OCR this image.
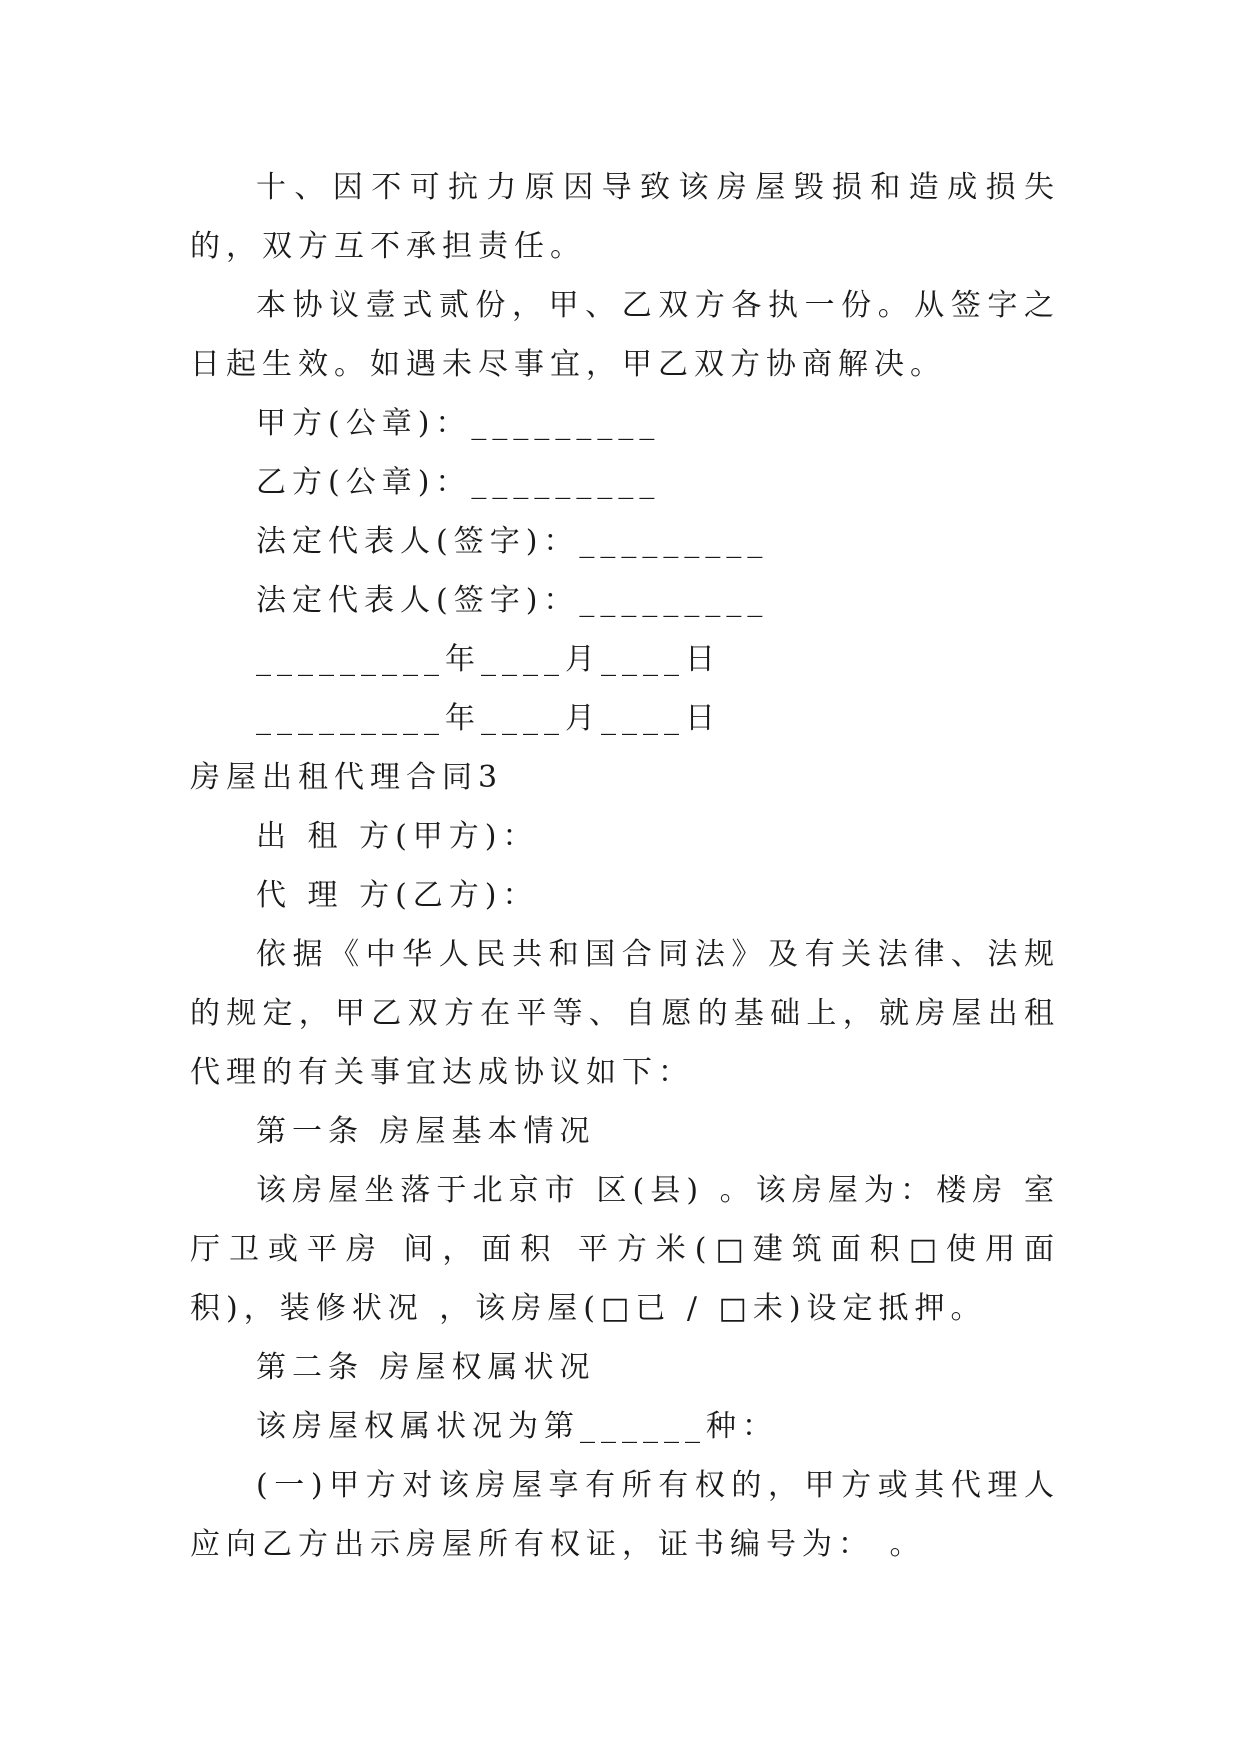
十、因不可抗力原因导致该房屋毁损和造成损失的，双方互不承担责任。

本协议壹式贰份，甲、乙双方各执一份。从签字之日起生效。如遇未尽事宜，甲乙双方协商解决。

甲方(公章)：_________

乙方(公章)：_________

法定代表人(签字)：_________

法定代表人(签字)：_________

_________年____月____日

_________年____月____日

房屋出租代理合同3

出 租 方(甲方)：

代 理 方(乙方)：

依据《中华人民共和国合同法》及有关法律、法规的规定，甲乙双方在平等、自愿的基础上，就房屋出租代理的有关事宜达成协议如下：

第一条 房屋基本情况

该房屋坐落于北京市 区(县) 。该房屋为：楼房 室 厅卫或平房 间，面积 平方米(□建筑面积□使用面积)，装修状况 ，该房屋(□已 / □未)设定抵押。

第二条 房屋权属状况

该房屋权属状况为第______种：

(一)甲方对该房屋享有所有权的，甲方或其代理人应向乙方出示房屋所有权证，证书编号为： 。
